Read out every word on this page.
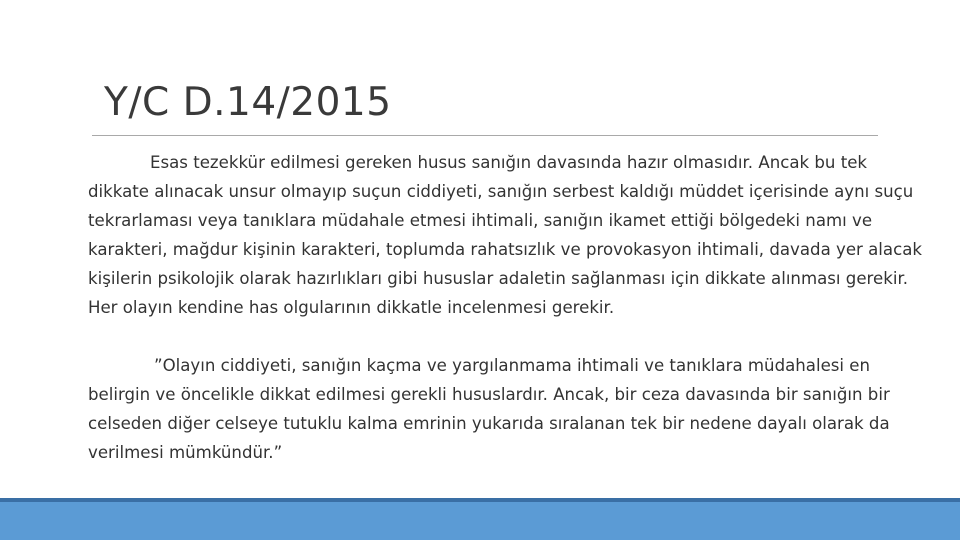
Y/C D.14/2015

Esas tezekkür edilmesi gereken husus sanığın davasında hazır olmasıdır. Ancak bu tek dikkate alınacak unsur olmayıp suçun ciddiyeti, sanığın serbest kaldığı müddet içerisinde aynı suçu tekrarlaması veya tanıklara müdahale etmesi ihtimali, sanığın ikamet ettiği bölgedeki namı ve karakteri, mağdur kişinin karakteri, toplumda rahatsızlık ve provokasyon ihtimali, davada yer alacak kişilerin psikolojik olarak hazırlıkları gibi hususlar adaletin sağlanması için dikkate alınması gerekir. Her olayın kendine has olgularının dikkatle incelenmesi gerekir.

”Olayın ciddiyeti, sanığın kaçma ve yargılanmama ihtimali ve tanıklara müdahalesi en belirgin ve öncelikle dikkat edilmesi gerekli hususlardır. Ancak, bir ceza davasında bir sanığın bir celseden diğer celseye tutuklu kalma emrinin yukarıda sıralanan tek bir nedene dayalı olarak da verilmesi mümkündür.”
